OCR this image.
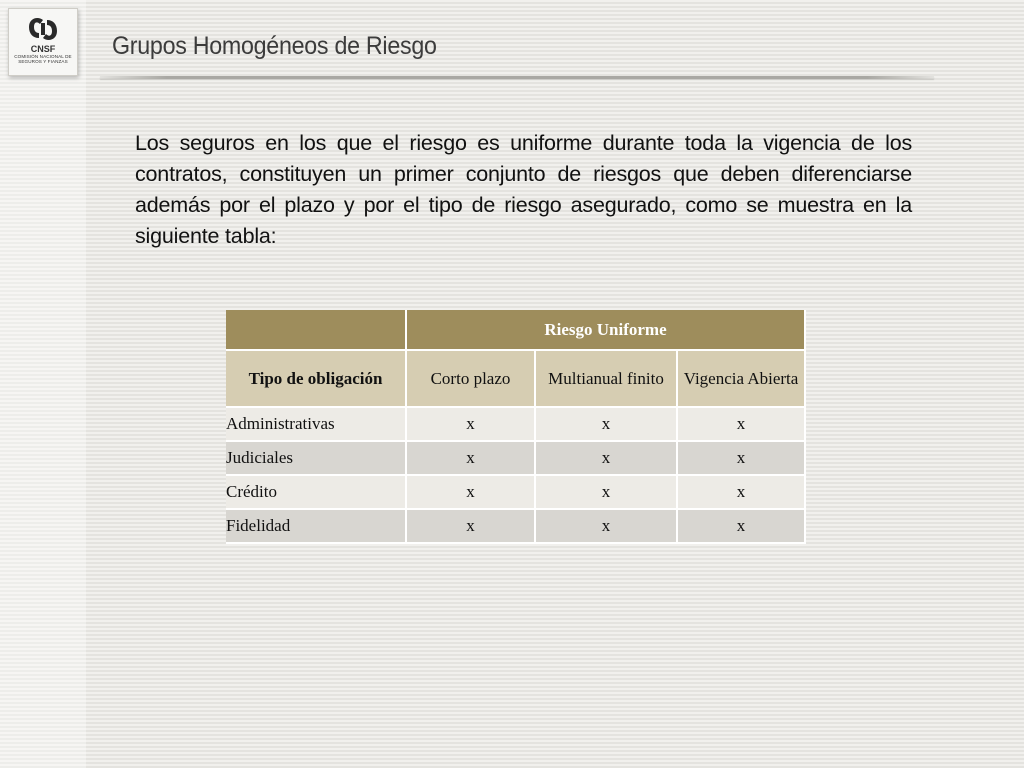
CNSF
COMISIÓN NACIONAL DE
SEGUROS Y FIANZAS
Grupos Homogéneos de Riesgo

Los seguros en los que el riesgo es uniforme durante toda la vigencia de los contratos, constituyen un primer conjunto de riesgos que deben diferenciarse además por el plazo y por el tipo de riesgo asegurado, como se muestra en la siguiente tabla:

	Riesgo Uniforme		
Tipo de obligación	Corto plazo	Multianual finito	Vigencia Abierta
Administrativas	x	x	x
Judiciales	x	x	x
Crédito	x	x	x
Fidelidad	x	x	x
